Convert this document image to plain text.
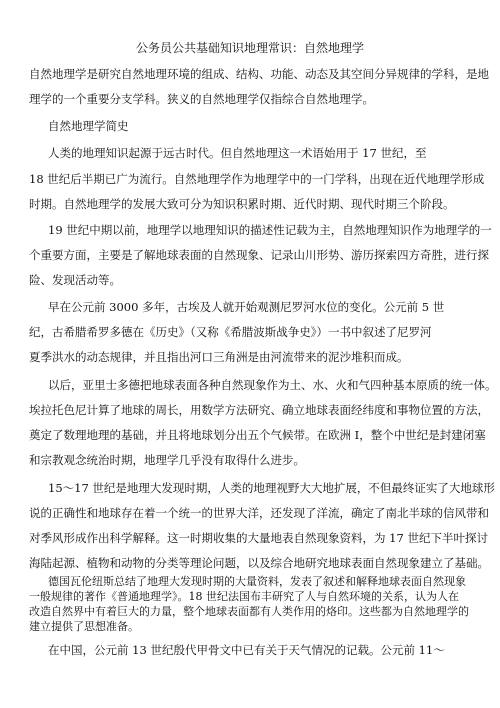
公务员公共基础知识地理常识：自然地理学
自然地理学是研究自然地理环境的组成、结构、功能、动态及其空间分异规律的学科，是地
理学的一个重要分支学科。狭义的自然地理学仅指综合自然地理学。
自然地理学简史
人类的地理知识起源于远古时代。但自然地理这一术语始用于 17 世纪，至
18 世纪后半期已广为流行。自然地理学作为地理学中的一门学科，出现在近代地理学形成
时期。自然地理学的发展大致可分为知识积累时期、近代时期、现代时期三个阶段。
19 世纪中期以前，地理学以地理知识的描述性记载为主，自然地理知识作为地理学的一
个重要方面，主要是了解地球表面的自然现象、记录山川形势、游历探索四方奇胜，进行探
险、发现活动等。
早在公元前 3000 多年，古埃及人就开始观测尼罗河水位的变化。公元前 5 世
纪，古希腊希罗多德在《历史》（又称《希腊波斯战争史》）一书中叙述了尼罗河
夏季洪水的动态规律，并且指出河口三角洲是由河流带来的泥沙堆积而成。
以后，亚里士多德把地球表面各种自然现象作为土、水、火和气四种基本原质的统一体。
埃拉托色尼计算了地球的周长，用数学方法研究、确立地球表面经纬度和事物位置的方法，
奠定了数理地理的基础，并且将地球划分出五个气候带。在欧洲 I，整个中世纪是封建闭塞
和宗教观念统治时期，地理学几乎没有取得什么进步。
15～17 世纪是地理大发现时期，人类的地理视野大大地扩展，不但最终证实了大地球形
说的正确性和地球存在着一个统一的世界大洋，还发现了洋流，确定了南北半球的信风带和
对季风形成作出科学解释。这一时期收集的大量地表自然现象资料，为 17 世纪下半叶探讨
海陆起源、植物和动物的分类等理论问题，以及综合地研究地球表面自然现象建立了基础。
德国瓦伦纽斯总结了地理大发现时期的大量资料，发表了叙述和解释地球表面自然现象
一般规律的著作《普通地理学》。18 世纪法国布丰研究了人与自然环境的关系，认为人在
改造自然界中有着巨大的力量，整个地球表面都有人类作用的烙印。这些都为自然地理学的
建立提供了思想准备。
在中国，公元前 13 世纪殷代甲骨文中已有关于天气情况的记载。公元前 11～
